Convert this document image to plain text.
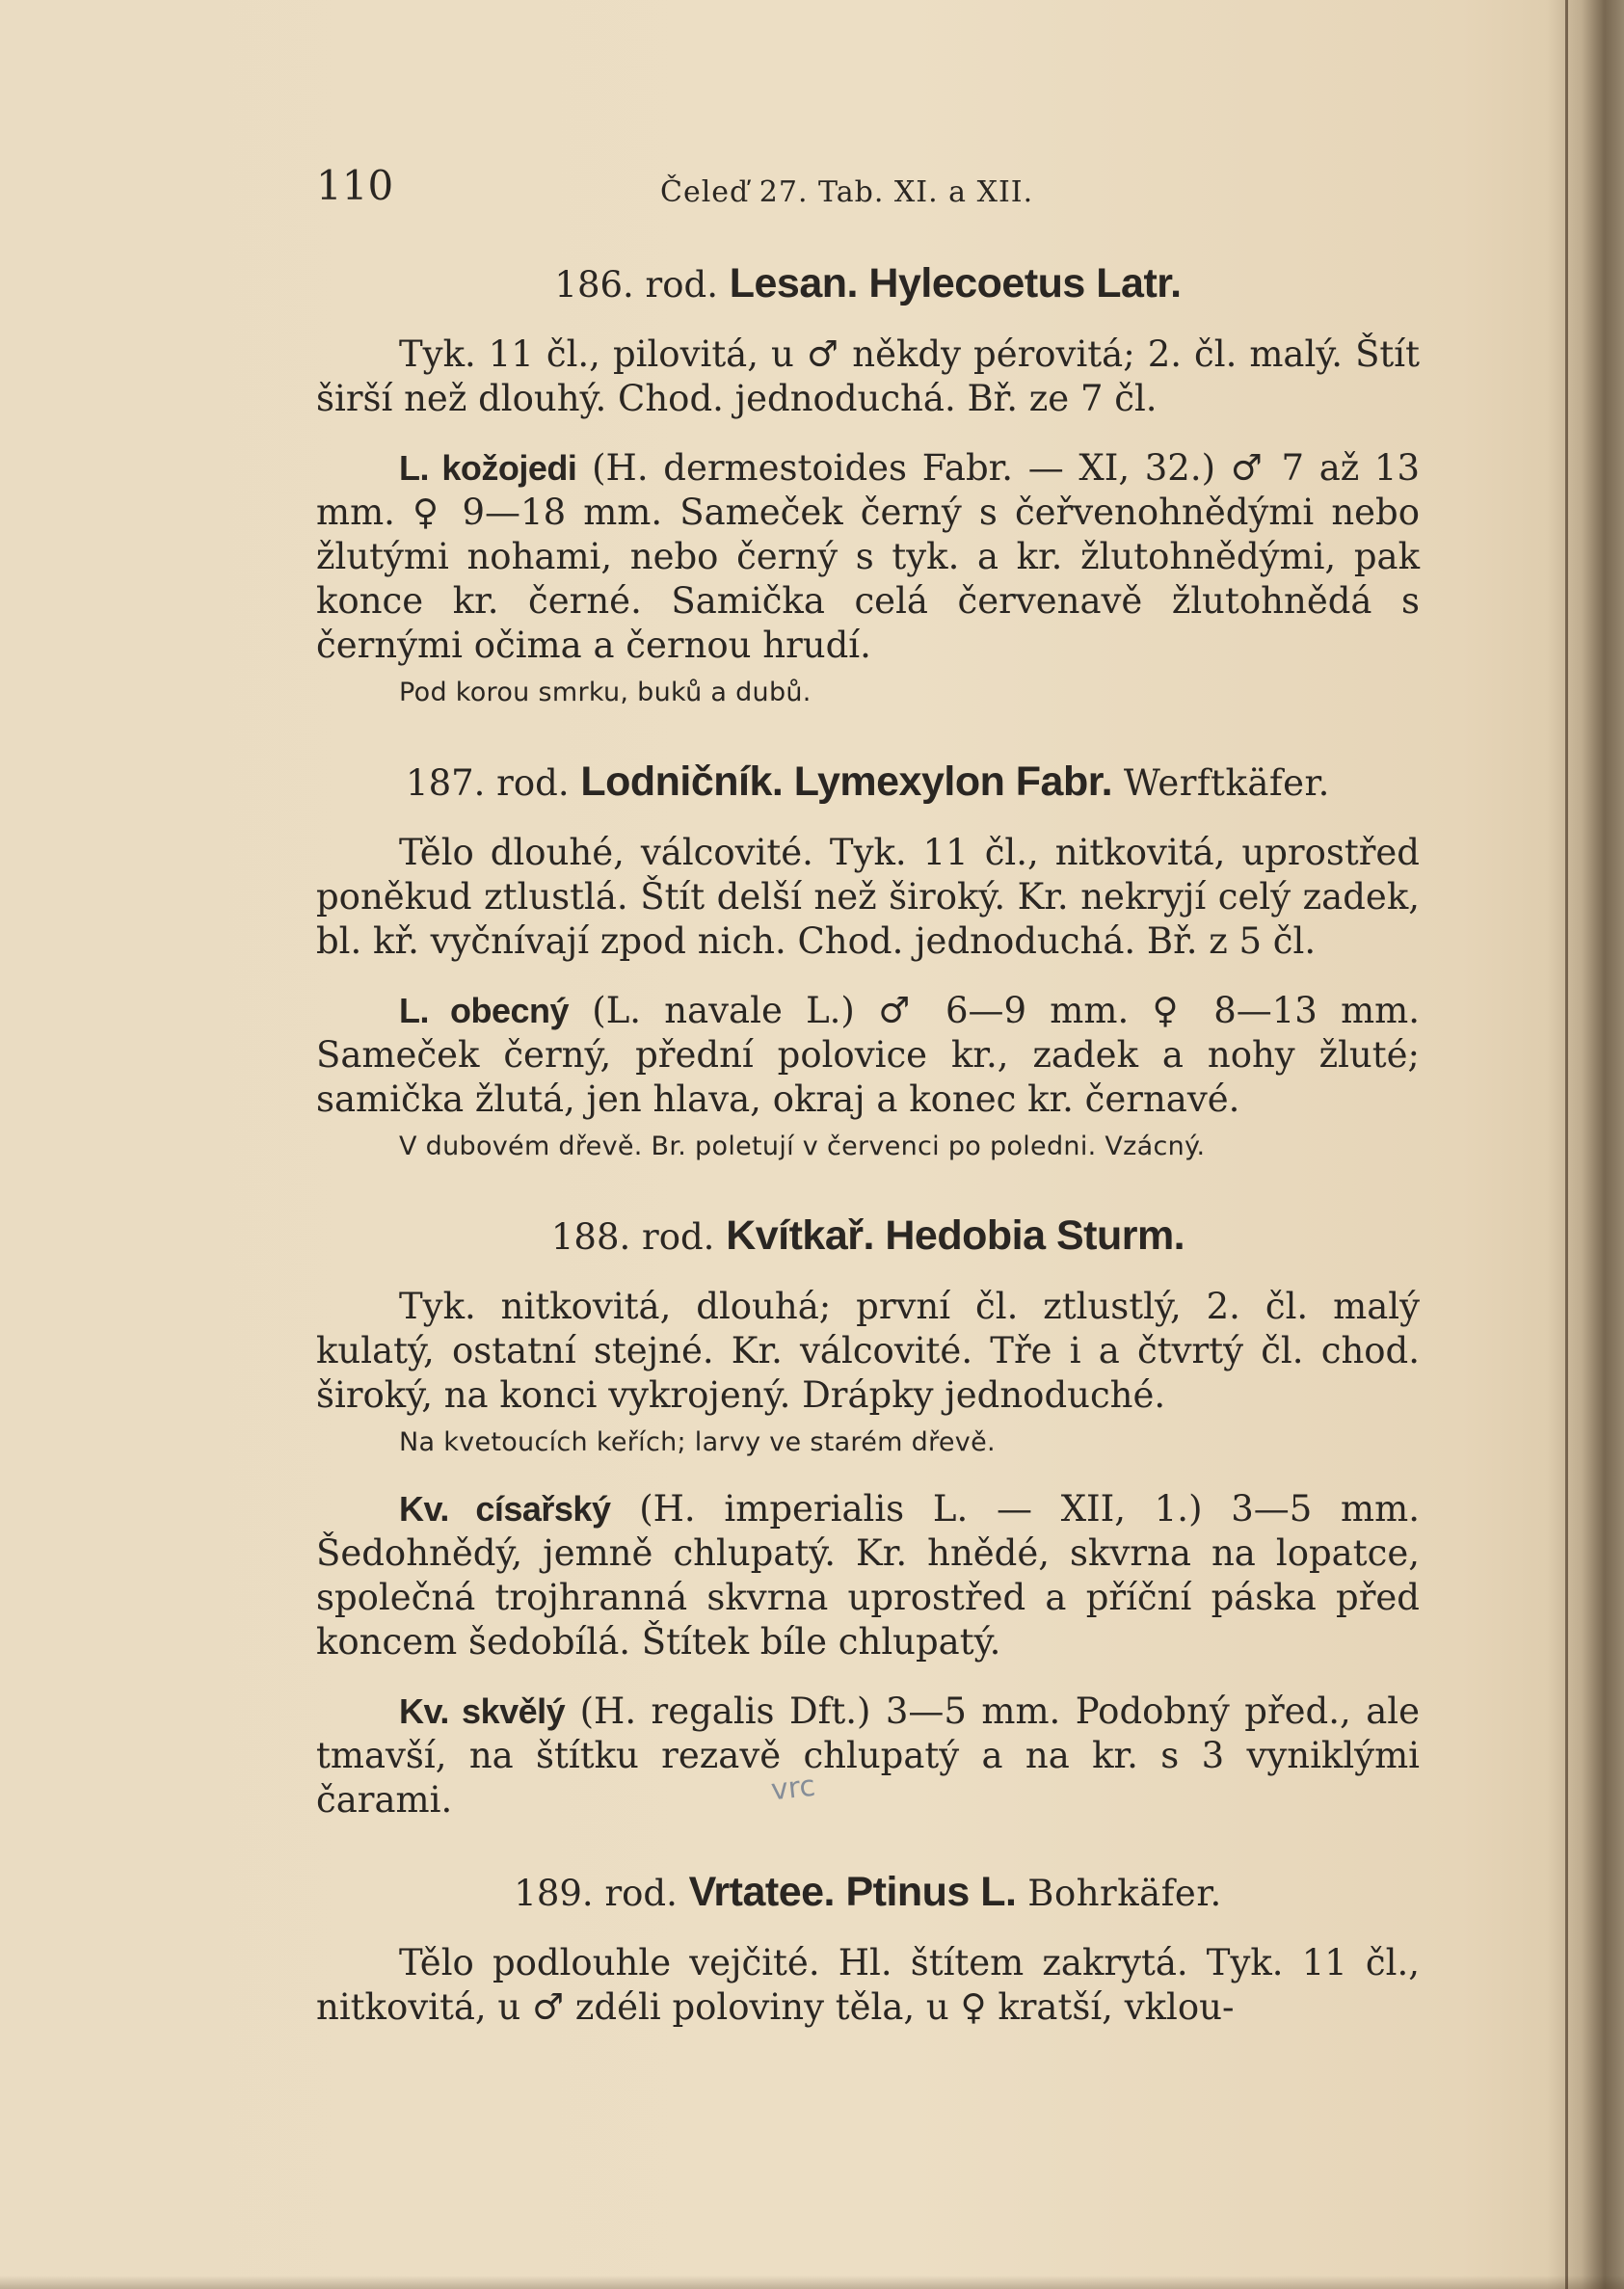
110	Čeleď 27. Tab. XI. a XII.
186. rod. Lesan. Hylecoetus Latr.

Tyk. 11 čl., pilovitá, u ♂ někdy pérovitá; 2. čl. malý. Štít širší než dlouhý. Chod. jednoduchá. Bř. ze 7 čl.

L. kožojedi (H. dermestoides Fabr. — XI, 32.) ♂ 7 až 13 mm. ♀ 9—18 mm. Sameček černý s čeřvenohnědými nebo žlutými nohami, nebo černý s tyk. a kr. žlutohnědými, pak konce kr. černé. Samička celá červenavě žlutohnědá s černými očima a černou hrudí.

Pod korou smrku, buků a dubů.
187. rod. Lodničník. Lymexylon Fabr. Werftkäfer.

Tělo dlouhé, válcovité. Tyk. 11 čl., nitkovitá, uprostřed poněkud ztlustlá. Štít delší než široký. Kr. nekryjí celý zadek, bl. kř. vyčnívají zpod nich. Chod. jednoduchá. Bř. z 5 čl.

L. obecný (L. navale L.) ♂ 6—9 mm. ♀ 8—13 mm. Sameček černý, přední polovice kr., zadek a nohy žluté; samička žlutá, jen hlava, okraj a konec kr. černavé.

V dubovém dřevě. Br. poletují v červenci po poledni. Vzácný.
188. rod. Kvítkař. Hedobia Sturm.

Tyk. nitkovitá, dlouhá; první čl. ztlustlý, 2. čl. malý kulatý, ostatní stejné. Kr. válcovité. Tře i a čtvrtý čl. chod. široký, na konci vykrojený. Drápky jednoduché.

Na kvetoucích keřích; larvy ve starém dřevě.

Kv. císařský (H. imperialis L. — XII, 1.) 3—5 mm. Šedohnědý, jemně chlupatý. Kr. hnědé, skvrna na lopatce, společná trojhranná skvrna uprostřed a příční páska před koncem šedobílá. Štítek bíle chlupatý.

Kv. skvělý (H. regalis Dft.) 3—5 mm. Podobný před., ale tmavší, na štítku rezavě chlupatý a na kr. s 3 vyniklými čarami.

189. rod. Vrtatee. Ptinus L. Bohrkäfer.

Tělo podlouhle vejčité. Hl. štítem zakrytá. Tyk. 11 čl., nitkovitá, u ♂ zdéli poloviny těla, u ♀ kratší, vklou-

vrc
